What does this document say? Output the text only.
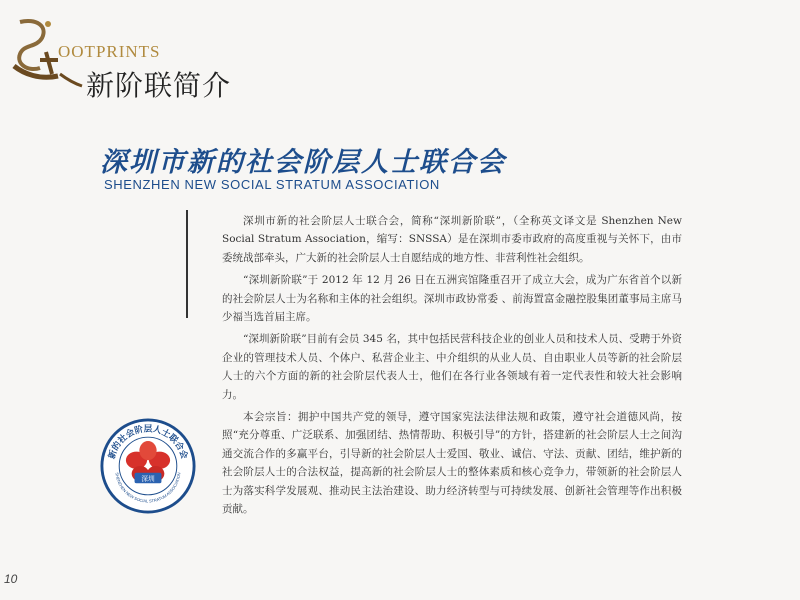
OOTPRINTS
新阶联简介
深圳市新的社会阶层人士联合会
SHENZHEN NEW SOCIAL STRATUM ASSOCIATION

深圳市新的社会阶层人士联合会，简称“深圳新阶联”，（全称英文译文是 Shenzhen New Social Stratum Association，缩写：SNSSA）是在深圳市委市政府的高度重视与关怀下，由市委统战部牵头，广大新的社会阶层人士自愿结成的地方性、非营利性社会组织。

“深圳新阶联”于 2012 年 12 月 26 日在五洲宾馆隆重召开了成立大会，成为广东省首个以新的社会阶层人士为名称和主体的社会组织。深圳市政协常委 、前海置富金融控股集团董事局主席马少福当选首届主席。

“深圳新阶联”目前有会员 345 名，其中包括民营科技企业的创业人员和技术人员、受聘于外资企业的管理技术人员、个体户、私营企业主、中介组织的从业人员、自由职业人员等新的社会阶层人士的六个方面的新的社会阶层代表人士，他们在各行业各领域有着一定代表性和较大社会影响力。

本会宗旨：拥护中国共产党的领导，遵守国家宪法法律法规和政策，遵守社会道德风尚，按照“充分尊重、广泛联系、加强团结、热情帮助、积极引导”的方针，搭建新的社会阶层人士之间沟通交流合作的多赢平台，引导新的社会阶层人士爱国、敬业、诚信、守法、贡献、团结，维护新的社会阶层人士的合法权益，提高新的社会阶层人士的整体素质和核心竞争力，带领新的社会阶层人士为落实科学发展观、推动民主法治建设、助力经济转型与可持续发展、创新社会管理等作出积极贡献。

新的社会阶层人士联合会
SHENZHEN NEW SOCIAL STRATUM ASSOCIATION
深圳
10
